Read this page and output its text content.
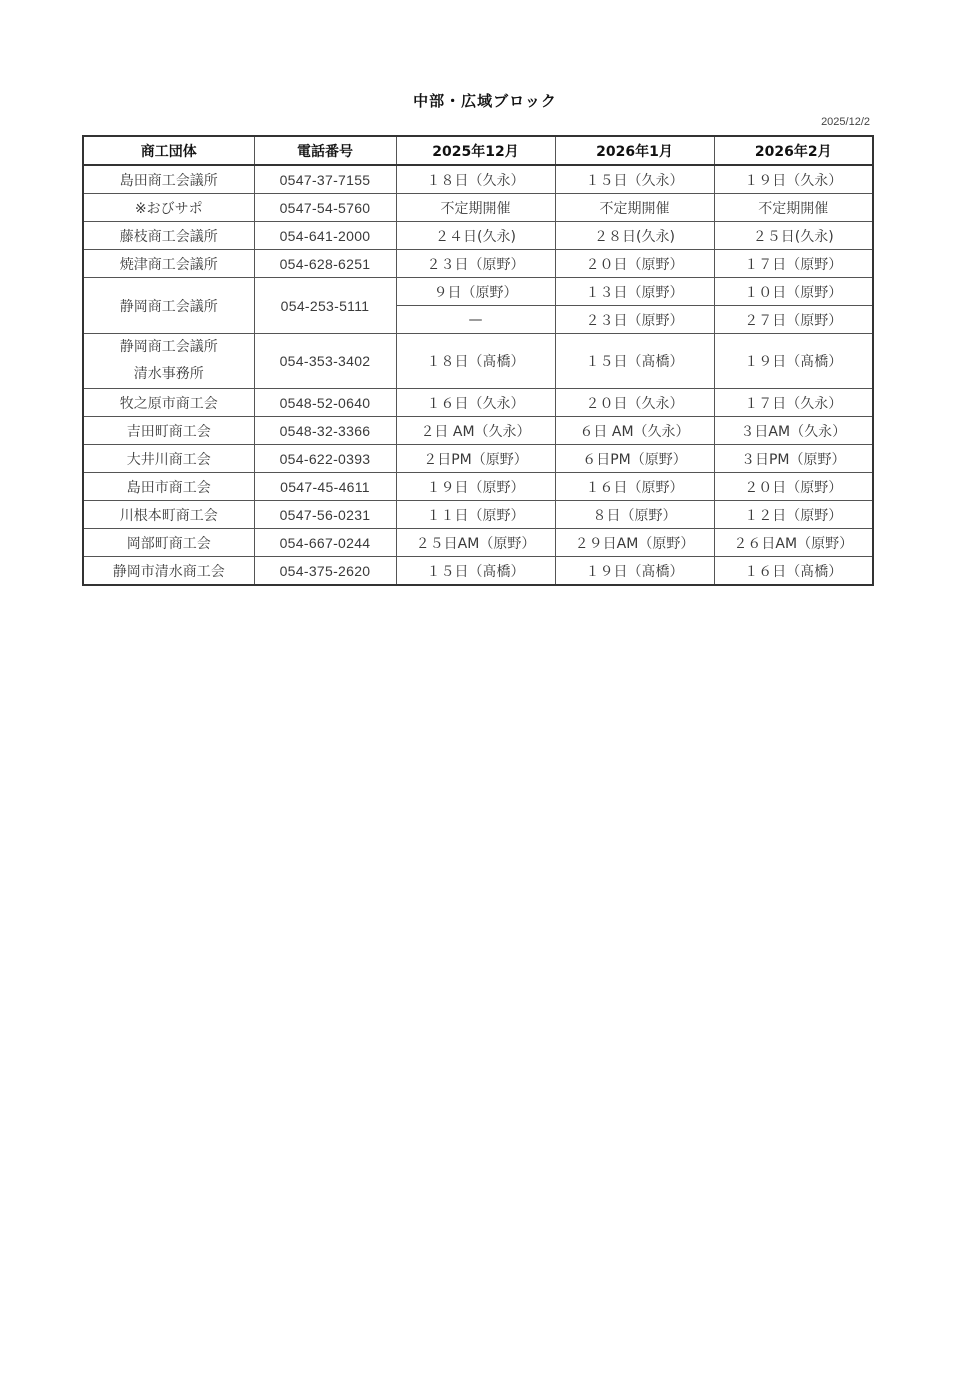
中部・広域ブロック
2025/12/2
商工団体	電話番号	2025年12月	2026年1月	2026年2月
島田商工会議所	0547-37-7155	１８日（久永）	１５日（久永）	１９日（久永）
※おびサポ	0547-54-5760	不定期開催	不定期開催	不定期開催
藤枝商工会議所	054-641-2000	２４日(久永)	２８日(久永)	２５日(久永)
焼津商工会議所	054-628-6251	２３日（原野）	２０日（原野）	１７日（原野）
静岡商工会議所	054-253-5111	９日（原野）	１３日（原野）	１０日（原野）
		—	２３日（原野）	２７日（原野）
静岡商工会議所
清水事務所	054-353-3402	１８日（髙橋）	１５日（髙橋）	１９日（髙橋）
牧之原市商工会	0548-52-0640	１６日（久永）	２０日（久永）	１７日（久永）
吉田町商工会	0548-32-3366	２日 AM（久永）	６日 AM（久永）	３日AM（久永）
大井川商工会	054-622-0393	２日PM（原野）	６日PM（原野）	３日PM（原野）
島田市商工会	0547-45-4611	１９日（原野）	１６日（原野）	２０日（原野）
川根本町商工会	0547-56-0231	１１日（原野）	８日（原野）	１２日（原野）
岡部町商工会	054-667-0244	２５日AM（原野）	２９日AM（原野）	２６日AM（原野）
静岡市清水商工会	054-375-2620	１５日（髙橋）	１９日（髙橋）	１６日（髙橋）
